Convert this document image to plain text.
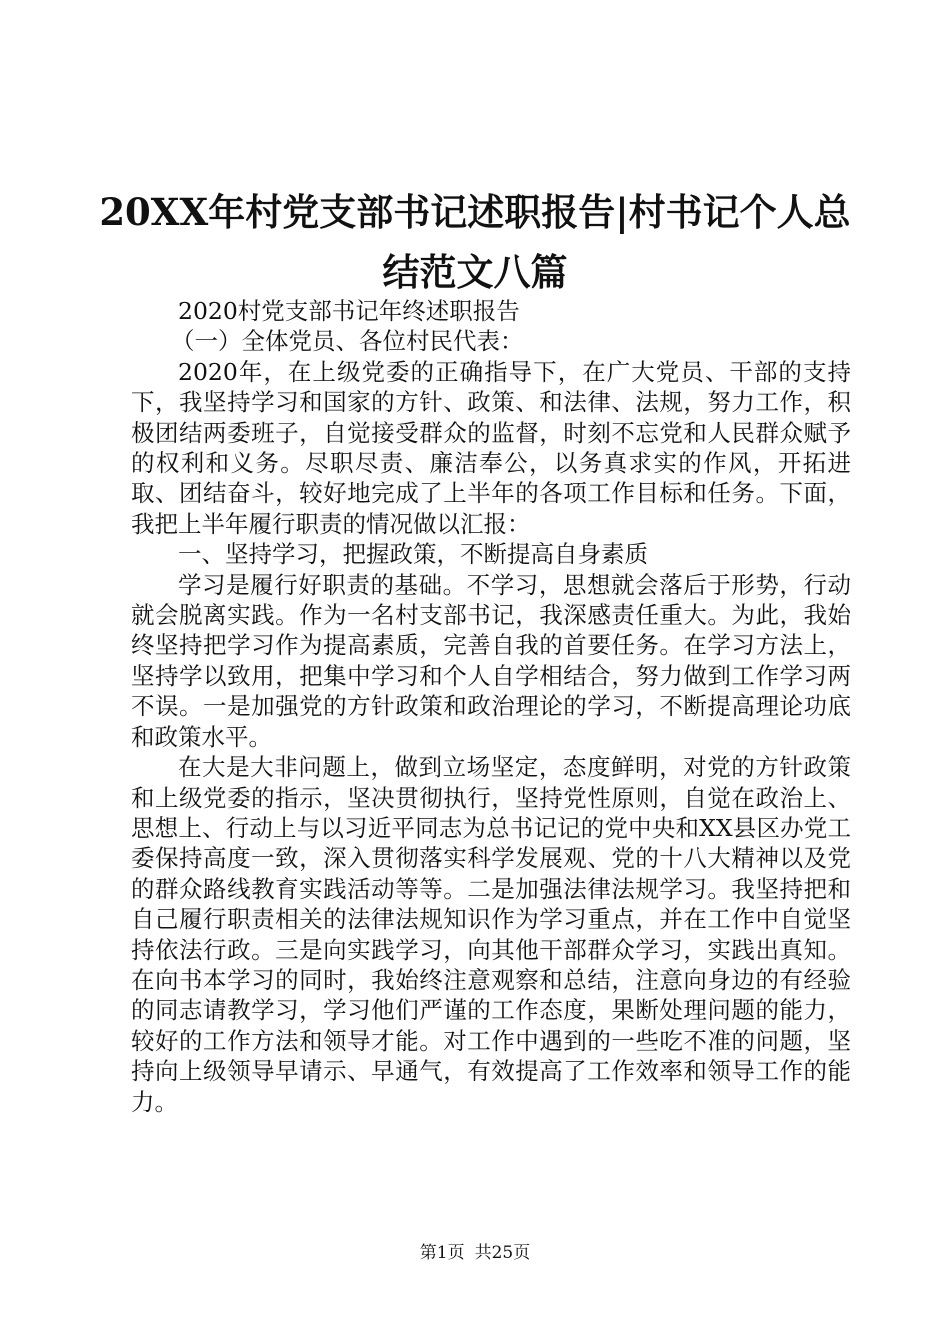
20XX年村党支部书记述职报告|村书记个人总结范文八篇

2020村党支部书记年终述职报告

（一）全体党员、各位村民代表：

2020年，在上级党委的正确指导下，在广大党员、干部的支持下，我坚持学习和国家的方针、政策、和法律、法规，努力工作，积极团结两委班子，自觉接受群众的监督，时刻不忘党和人民群众赋予的权利和义务。尽职尽责、廉洁奉公，以务真求实的作风，开拓进取、团结奋斗，较好地完成了上半年的各项工作目标和任务。下面，我把上半年履行职责的情况做以汇报：

一、坚持学习，把握政策，不断提高自身素质

学习是履行好职责的基础。不学习，思想就会落后于形势，行动就会脱离实践。作为一名村支部书记，我深感责任重大。为此，我始终坚持把学习作为提高素质，完善自我的首要任务。在学习方法上，坚持学以致用，把集中学习和个人自学相结合，努力做到工作学习两不误。一是加强党的方针政策和政治理论的学习，不断提高理论功底和政策水平。

在大是大非问题上，做到立场坚定，态度鲜明，对党的方针政策和上级党委的指示，坚决贯彻执行，坚持党性原则，自觉在政治上、思想上、行动上与以习近平同志为总书记记的党中央和XX县区办党工委保持高度一致，深入贯彻落实科学发展观、党的十八大精神以及党的群众路线教育实践活动等等。二是加强法律法规学习。我坚持把和自己履行职责相关的法律法规知识作为学习重点，并在工作中自觉坚持依法行政。三是向实践学习，向其他干部群众学习，实践出真知。在向书本学习的同时，我始终注意观察和总结，注意向身边的有经验的同志请教学习，学习他们严谨的工作态度，果断处理问题的能力，较好的工作方法和领导才能。对工作中遇到的一些吃不准的问题，坚持向上级领导早请示、早通气，有效提高了工作效率和领导工作的能力。

第1页 共25页
